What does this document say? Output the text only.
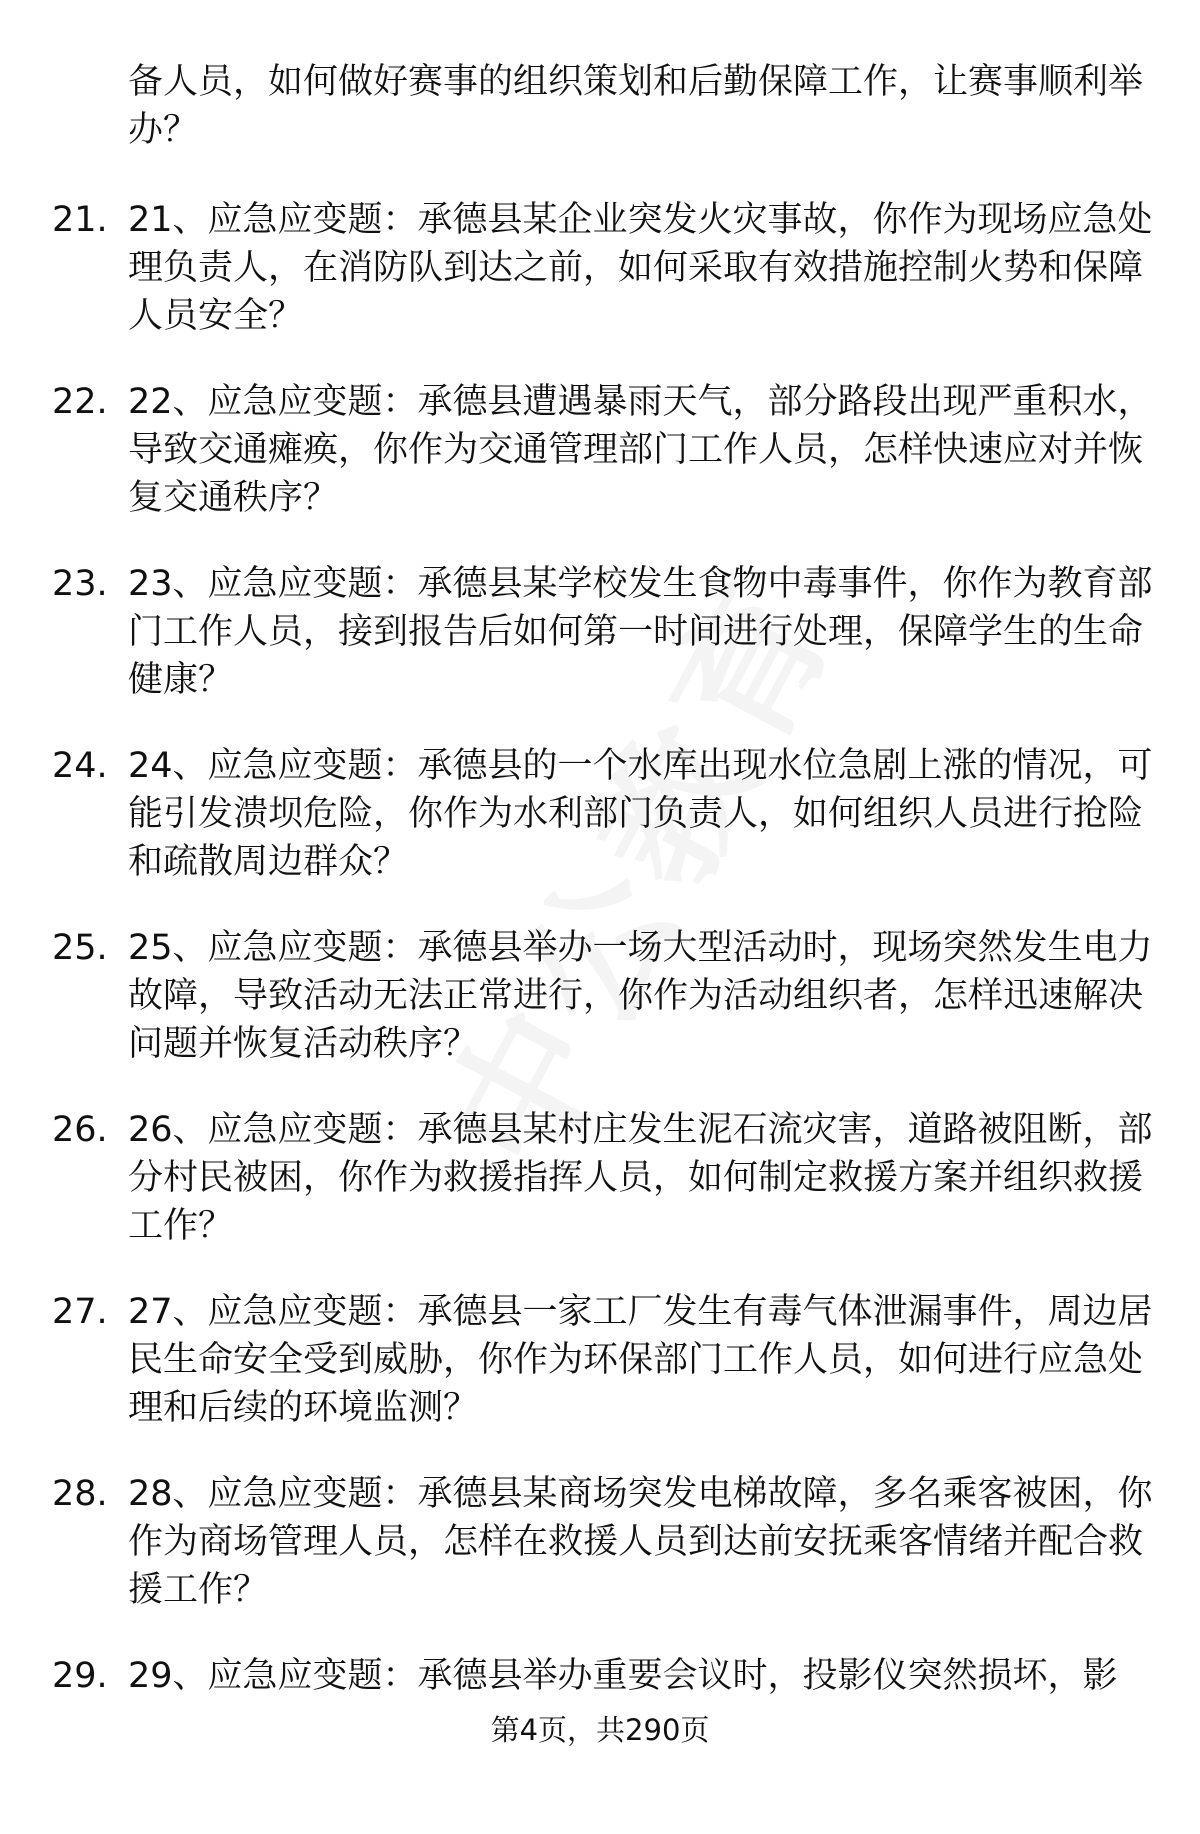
备人员，如何做好赛事的组织策划和后勤保障工作，让赛事顺利举办？
21. 21、应急应变题：承德县某企业突发火灾事故，你作为现场应急处理负责人，在消防队到达之前，如何采取有效措施控制火势和保障人员安全？
22. 22、应急应变题：承德县遭遇暴雨天气，部分路段出现严重积水，导致交通瘫痪，你作为交通管理部门工作人员，怎样快速应对并恢复交通秩序？
23. 23、应急应变题：承德县某学校发生食物中毒事件，你作为教育部门工作人员，接到报告后如何第一时间进行处理，保障学生的生命健康？
24. 24、应急应变题：承德县的一个水库出现水位急剧上涨的情况，可能引发溃坝危险，你作为水利部门负责人，如何组织人员进行抢险和疏散周边群众？
25. 25、应急应变题：承德县举办一场大型活动时，现场突然发生电力故障，导致活动无法正常进行，你作为活动组织者，怎样迅速解决问题并恢复活动秩序？
26. 26、应急应变题：承德县某村庄发生泥石流灾害，道路被阻断，部分村民被困，你作为救援指挥人员，如何制定救援方案并组织救援工作？
27. 27、应急应变题：承德县一家工厂发生有毒气体泄漏事件，周边居民生命安全受到威胁，你作为环保部门工作人员，如何进行应急处理和后续的环境监测？
28. 28、应急应变题：承德县某商场突发电梯故障，多名乘客被困，你作为商场管理人员，怎样在救援人员到达前安抚乘客情绪并配合救援工作？
29. 29、应急应变题：承德县举办重要会议时，投影仪突然损坏，影
第4页，共290页
